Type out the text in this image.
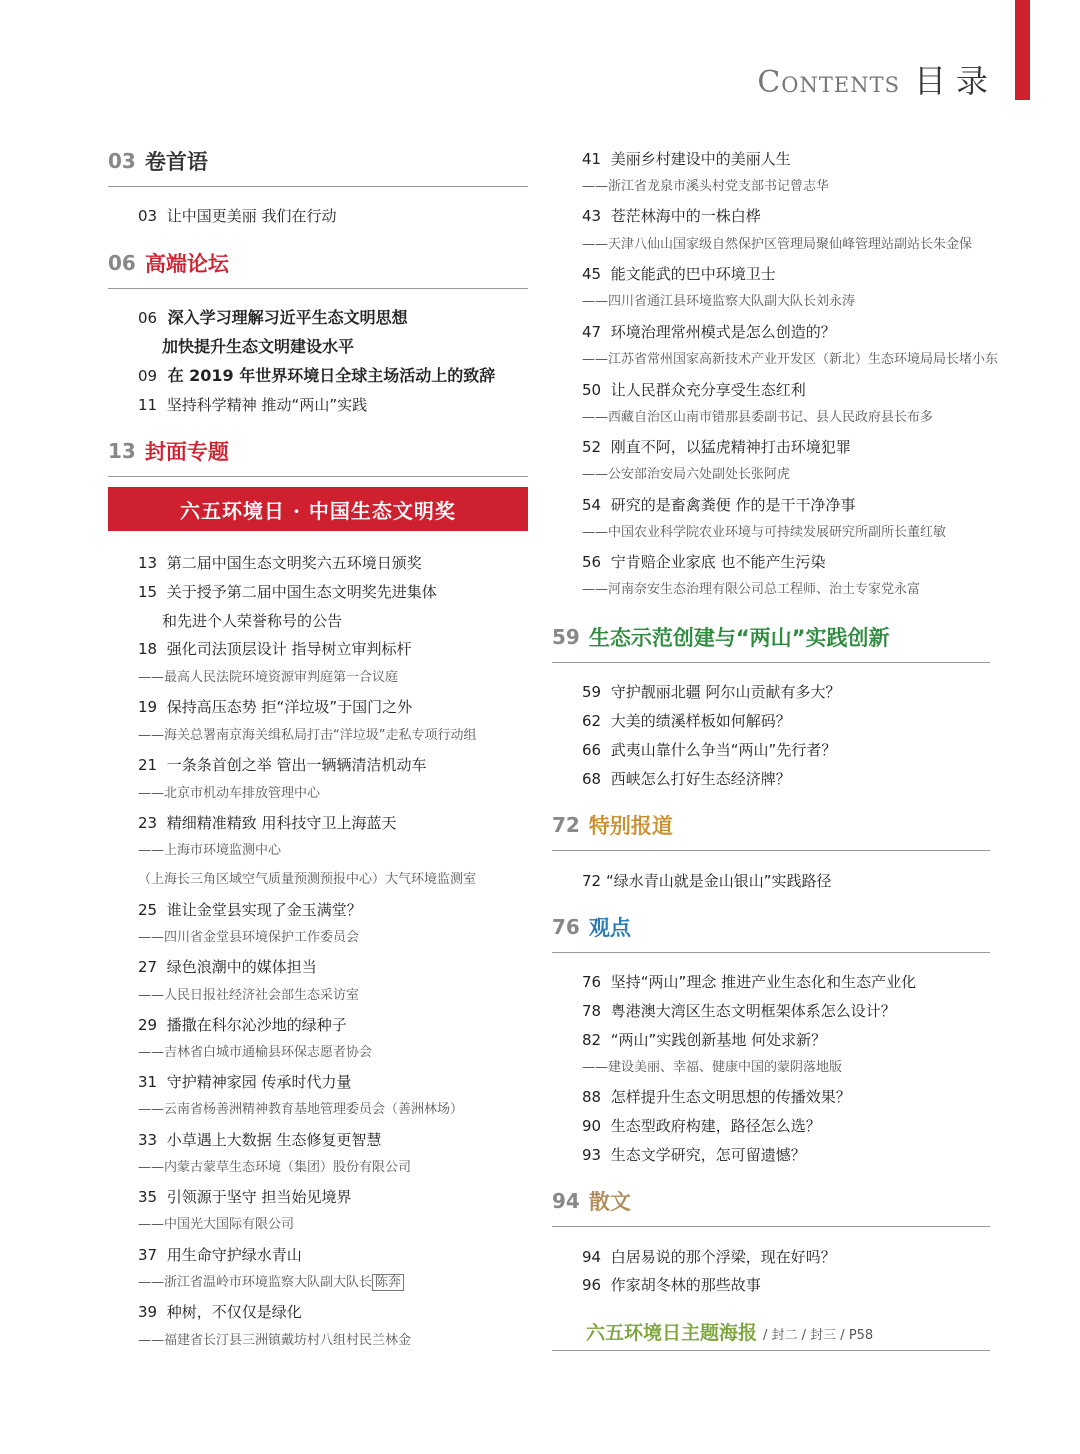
Contents 目录
03 卷首语
03 让中国更美丽 我们在行动
06 高端论坛
06 深入学习理解习近平生态文明思想
加快提升生态文明建设水平
09 在 2019 年世界环境日全球主场活动上的致辞
11 坚持科学精神 推动“两山”实践
13 封面专题
六五环境日 · 中国生态文明奖
13 第二届中国生态文明奖六五环境日颁奖
15 关于授予第二届中国生态文明奖先进集体
和先进个人荣誉称号的公告
18 强化司法顶层设计 指导树立审判标杆
——最高人民法院环境资源审判庭第一合议庭
19 保持高压态势 拒“洋垃圾”于国门之外
——海关总署南京海关缉私局打击“洋垃圾”走私专项行动组
21 一条条首创之举 管出一辆辆清洁机动车
——北京市机动车排放管理中心
23 精细精准精致 用科技守卫上海蓝天
——上海市环境监测中心
（上海长三角区域空气质量预测预报中心）大气环境监测室
25 谁让金堂县实现了金玉满堂？
——四川省金堂县环境保护工作委员会
27 绿色浪潮中的媒体担当
——人民日报社经济社会部生态采访室
29 播撒在科尔沁沙地的绿种子
——吉林省白城市通榆县环保志愿者协会
31 守护精神家园 传承时代力量
——云南省杨善洲精神教育基地管理委员会（善洲林场）
33 小草遇上大数据 生态修复更智慧
——内蒙古蒙草生态环境（集团）股份有限公司
35 引领源于坚守 担当始见境界
——中国光大国际有限公司
37 用生命守护绿水青山
——浙江省温岭市环境监察大队副大队长 陈奔
39 种树，不仅仅是绿化
——福建省长汀县三洲镇戴坊村八组村民兰林金
41 美丽乡村建设中的美丽人生
——浙江省龙泉市溪头村党支部书记曾志华
43 苍茫林海中的一株白桦
——天津八仙山国家级自然保护区管理局聚仙峰管理站副站长朱金保
45 能文能武的巴中环境卫士
——四川省通江县环境监察大队副大队长刘永涛
47 环境治理常州模式是怎么创造的？
——江苏省常州国家高新技术产业开发区（新北）生态环境局局长堵小东
50 让人民群众充分享受生态红利
——西藏自治区山南市错那县委副书记、县人民政府县长布多
52 刚直不阿，以猛虎精神打击环境犯罪
——公安部治安局六处副处长张阿虎
54 研究的是畜禽粪便 作的是干干净净事
——中国农业科学院农业环境与可持续发展研究所副所长董红敏
56 宁肯赔企业家底 也不能产生污染
——河南奈安生态治理有限公司总工程师、治土专家党永富
59 生态示范创建与“两山”实践创新
59 守护靓丽北疆 阿尔山贡献有多大？
62 大美的绩溪样板如何解码？
66 武夷山靠什么争当“两山”先行者？
68 西峡怎么打好生态经济牌？
72 特别报道
72 “绿水青山就是金山银山”实践路径
76 观点
76 坚持“两山”理念 推进产业生态化和生态产业化
78 粤港澳大湾区生态文明框架体系怎么设计？
82 “两山”实践创新基地 何处求新？
——建设美丽、幸福、健康中国的蒙阴落地版
88 怎样提升生态文明思想的传播效果？
90 生态型政府构建，路径怎么选？
93 生态文学研究，怎可留遗憾？
94 散文
94 白居易说的那个浮梁，现在好吗？
96 作家胡冬林的那些故事
六五环境日主题海报 / 封二 / 封三 / P58
